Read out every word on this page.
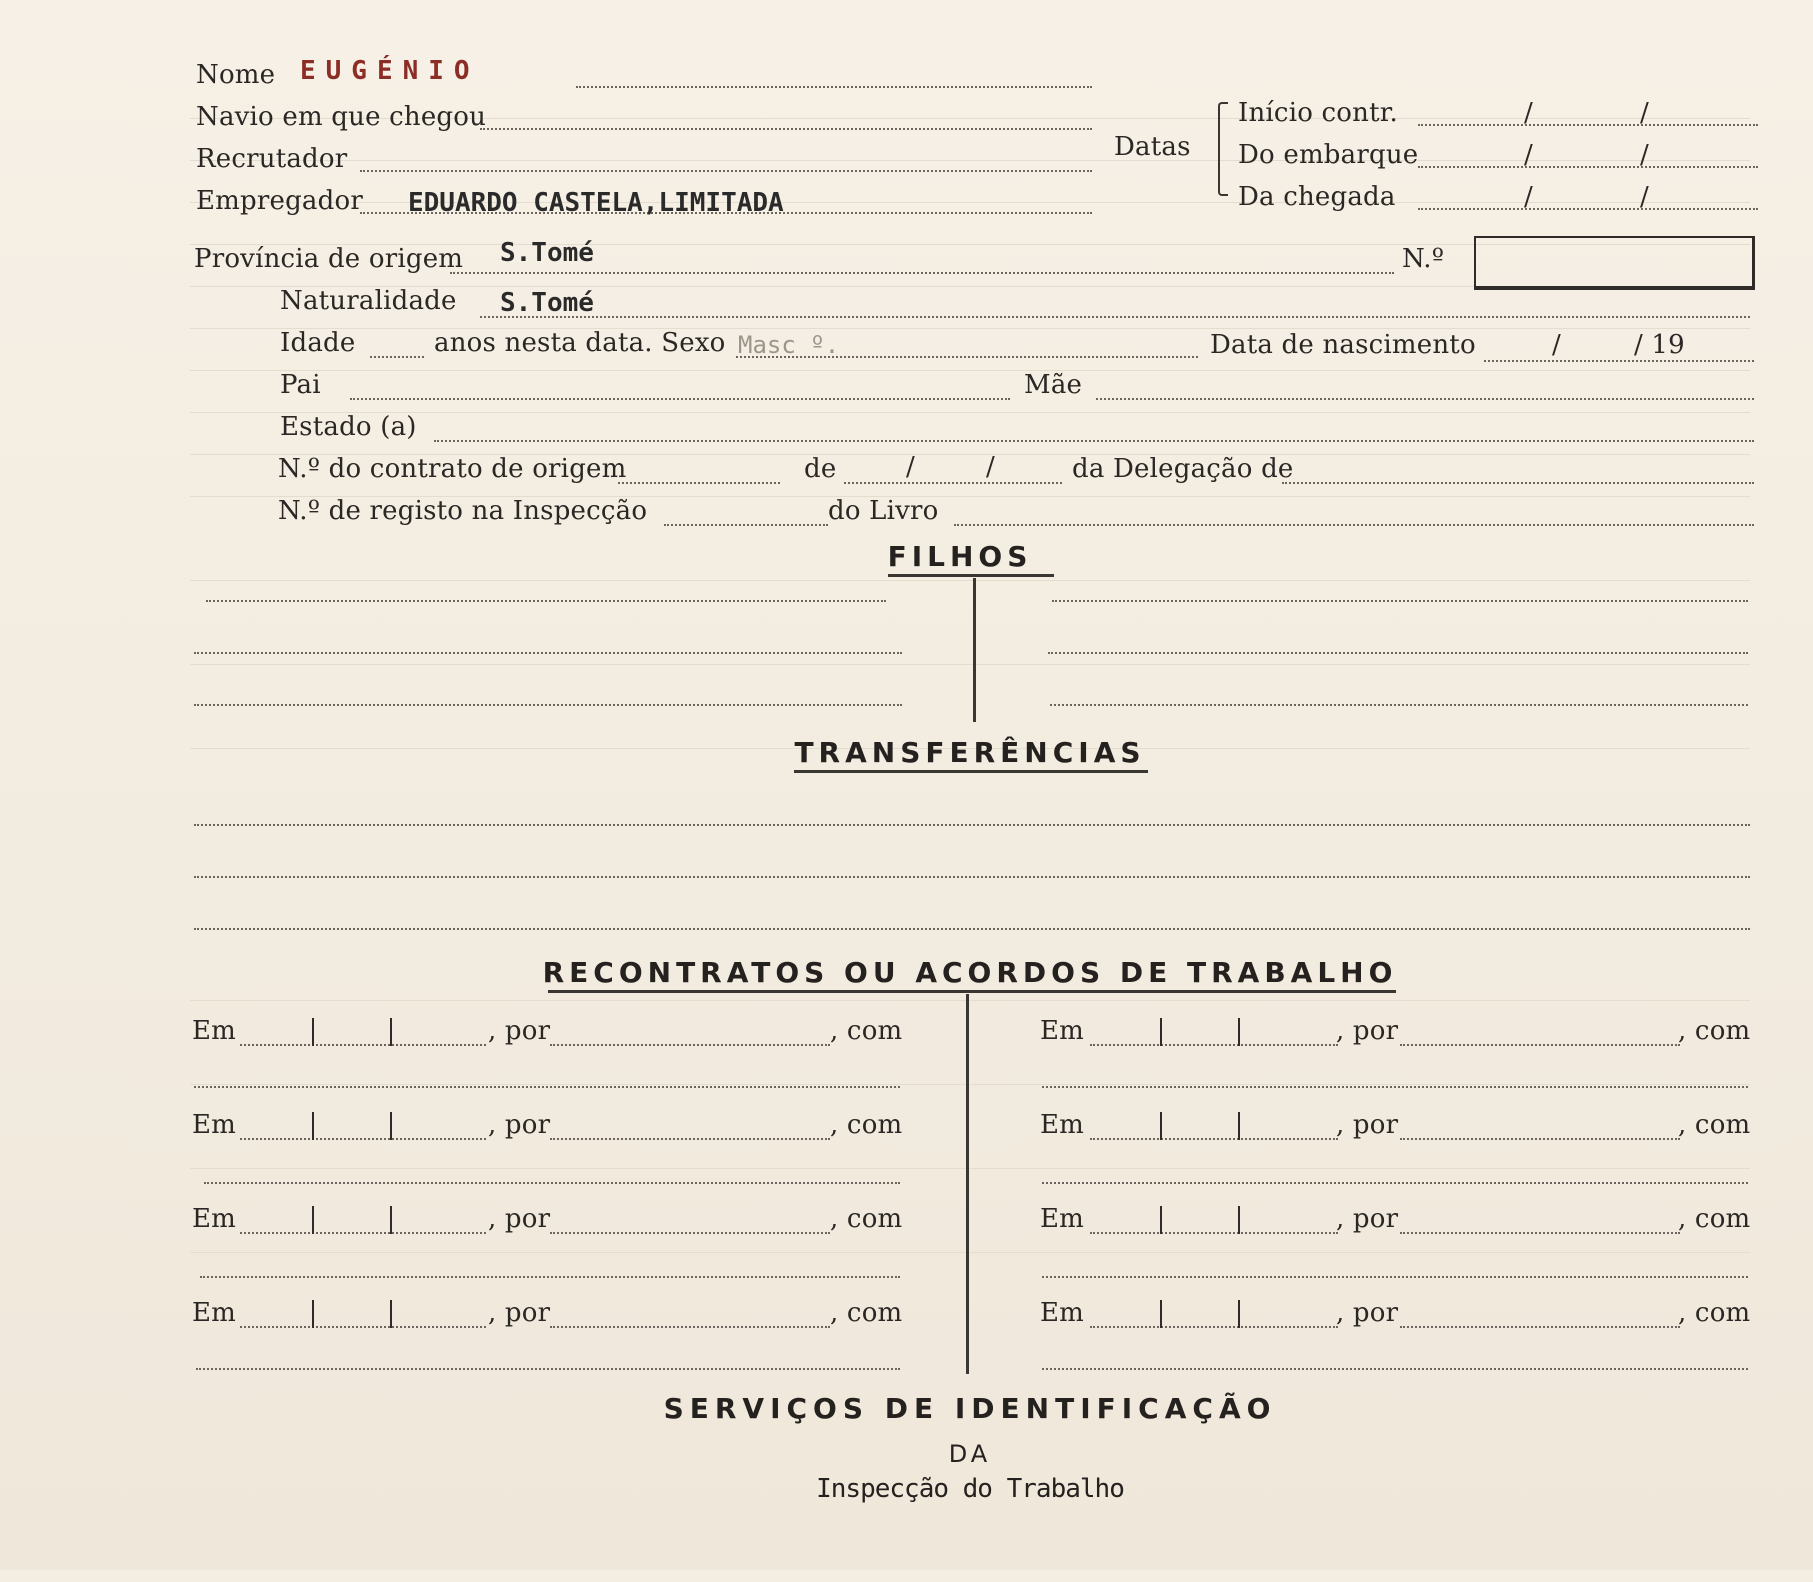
Nome EUGÉNIO
Navio em que chegou
Recrutador
Empregador EDUARDO CASTELA,LIMITADA
Datas
Início contr.	/	/
Do embarque	/	/
Da chegada	/	/
Província de origem S.Tomé	N.º
Naturalidade S.Tomé
Idade	anos nesta data. Sexo Masc º.	Data de nascimento	/	/ 19
Pai	Mãe
Estado (a)
N.º do contrato de origem	de	/	/	da Delegação de
N.º de registo na Inspecção	do Livro
FILHOS
TRANSFERÊNCIAS
RECONTRATOS OU ACORDOS DE TRABALHO
Em	, por	, com
Em	, por	, com
Em	, por	, com
Em	, por	, com
Em	, por	, com
Em	, por	, com
Em	, por	, com
Em	, por	, com
SERVIÇOS DE IDENTIFICAÇÃO
DA
Inspecção do Trabalho
